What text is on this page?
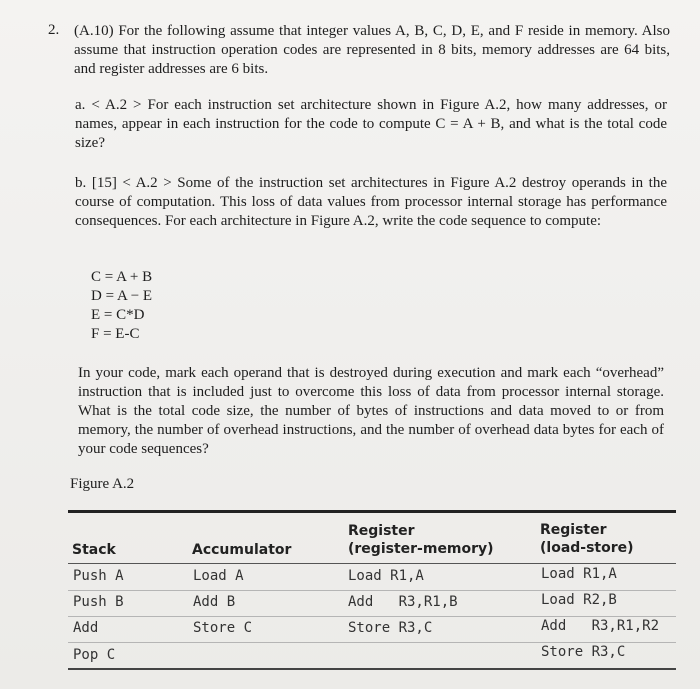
2. (A.10) For the following assume that integer values A, B, C, D, E, and F reside in memory. Also assume that instruction operation codes are represented in 8 bits, memory addresses are 64 bits, and register addresses are 6 bits.
a. < A.2 > For each instruction set architecture shown in Figure A.2, how many addresses, or names, appear in each instruction for the code to compute C = A + B, and what is the total code size?
b. [15] < A.2 > Some of the instruction set architectures in Figure A.2 destroy operands in the course of computation. This loss of data values from processor internal storage has performance consequences. For each architecture in Figure A.2, write the code sequence to compute:
C = A + B
D = A − E
E = C*D
F = E-C
In your code, mark each operand that is destroyed during execution and mark each “overhead” instruction that is included just to overcome this loss of data from processor internal storage. What is the total code size, the number of bytes of instructions and data moved to or from memory, the number of overhead instructions, and the number of overhead data bytes for each of your code sequences?
Figure A.2
Stack	Accumulator
Register
(register-memory)
Register
(load-store)
Push A
Push B
Add
Pop C
Load A
Add B
Store C
Load R1,A
Add   R3,R1,B
Store R3,C
Load R1,A
Load R2,B
Add   R3,R1,R2
Store R3,C
